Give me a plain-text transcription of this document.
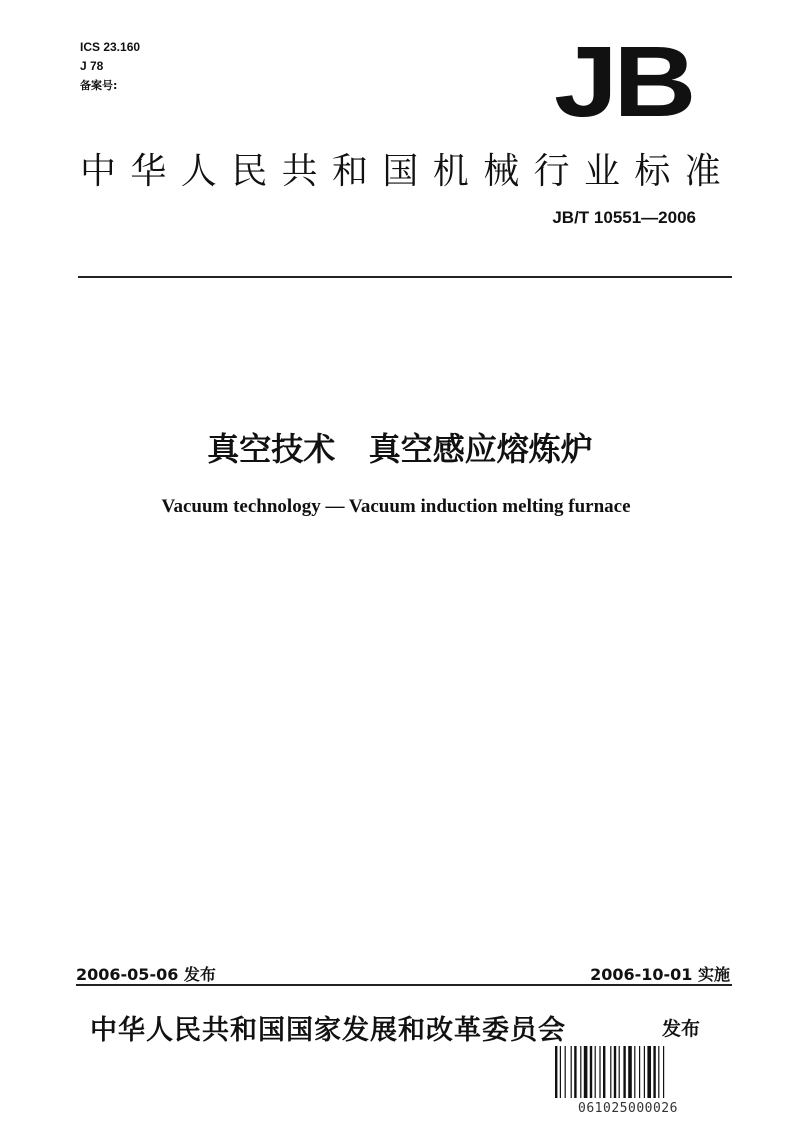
ICS 23.160
J 78
备案号:	JB
中华人民共和国机械行业标准
JB/T 10551—2006
真空技术   真空感应熔炼炉
Vacuum technology — Vacuum induction melting furnace
2006-05-06 发布	2006-10-01 实施
中华人民共和国国家发展和改革委员会	发布
061025000026
